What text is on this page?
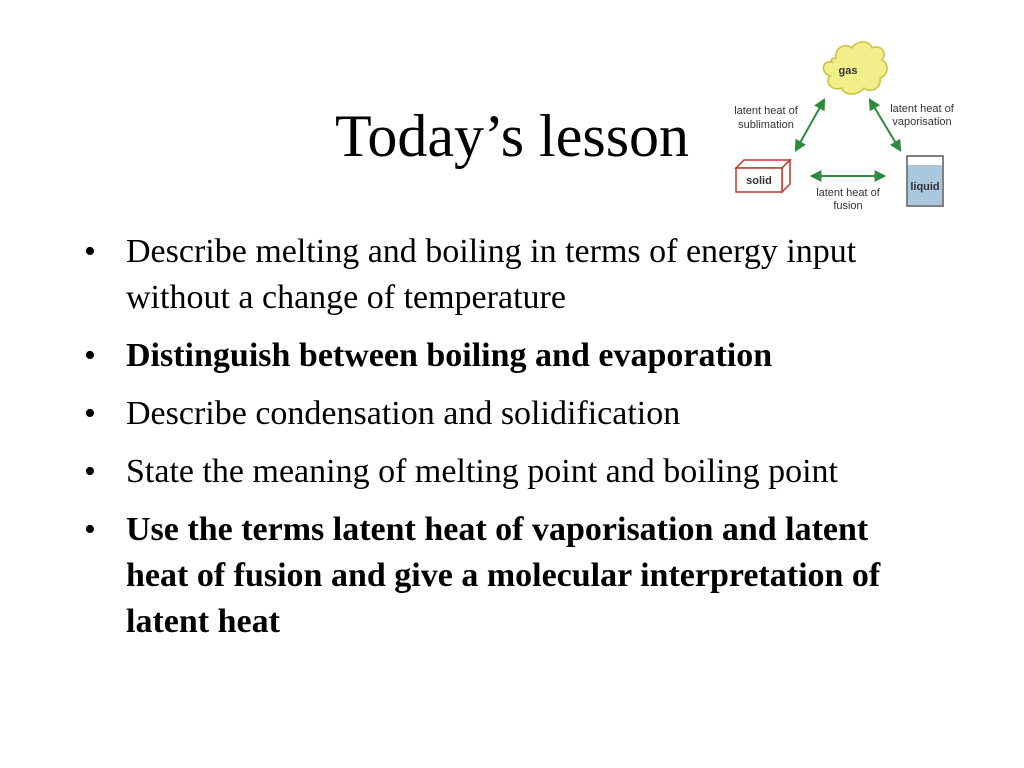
Today’s lesson
gas
solid	liquid
latent heat of
sublimation
latent heat of
vaporisation
latent heat of
fusion
• Describe melting and boiling in terms of energy input without a change of temperature
• Distinguish between boiling and evaporation
• Describe condensation and solidification
• State the meaning of melting point and boiling point
• Use the terms latent heat of vaporisation and latent heat of fusion and give a molecular interpretation of latent heat
